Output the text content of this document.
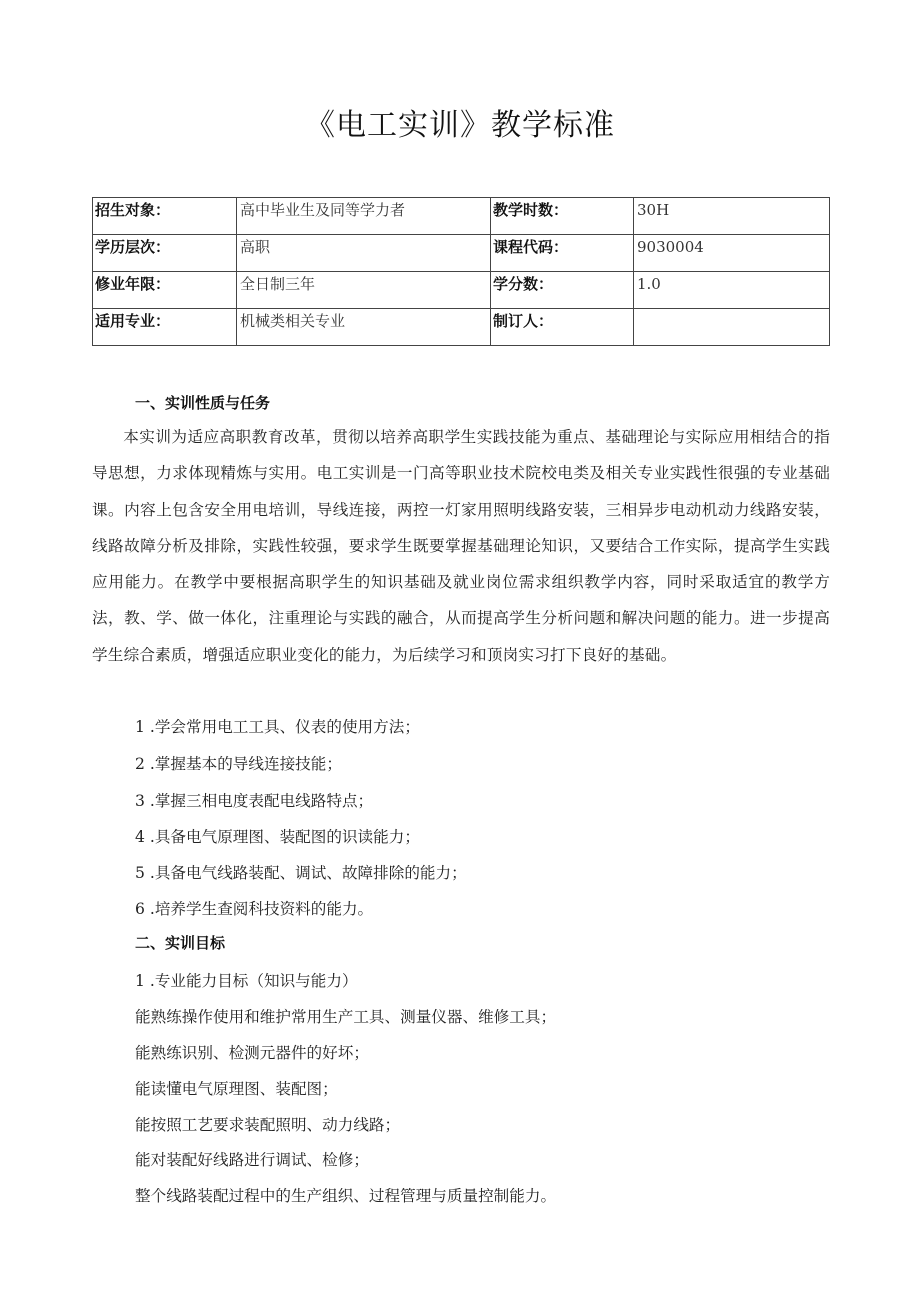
《电工实训》教学标准
招生对象：	高中毕业生及同等学力者	教学时数：	30H
学历层次：	高职	课程代码：	9030004
修业年限：	全日制三年	学分数：	1.0
适用专业：	机械类相关专业	制订人：	
一、实训性质与任务
本实训为适应高职教育改革，贯彻以培养高职学生实践技能为重点、基础理论与实际应用相结合的指导思想，力求体现精炼与实用。电工实训是一门高等职业技术院校电类及相关专业实践性很强的专业基础课。内容上包含安全用电培训，导线连接，两控一灯家用照明线路安装，三相异步电动机动力线路安装，线路故障分析及排除，实践性较强，要求学生既要掌握基础理论知识，又要结合工作实际，提高学生实践应用能力。在教学中要根据高职学生的知识基础及就业岗位需求组织教学内容，同时采取适宜的教学方法，教、学、做一体化，注重理论与实践的融合，从而提高学生分析问题和解决问题的能力。进一步提高学生综合素质，增强适应职业变化的能力，为后续学习和顶岗实习打下良好的基础。
1 .学会常用电工工具、仪表的使用方法；
2 .掌握基本的导线连接技能；
3 .掌握三相电度表配电线路特点；
4 .具备电气原理图、装配图的识读能力；
5 .具备电气线路装配、调试、故障排除的能力；
6 .培养学生查阅科技资料的能力。
二、实训目标
1 .专业能力目标（知识与能力）
能熟练操作使用和维护常用生产工具、测量仪器、维修工具；
能熟练识别、检测元器件的好坏；
能读懂电气原理图、装配图；
能按照工艺要求装配照明、动力线路；
能对装配好线路进行调试、检修；
整个线路装配过程中的生产组织、过程管理与质量控制能力。
